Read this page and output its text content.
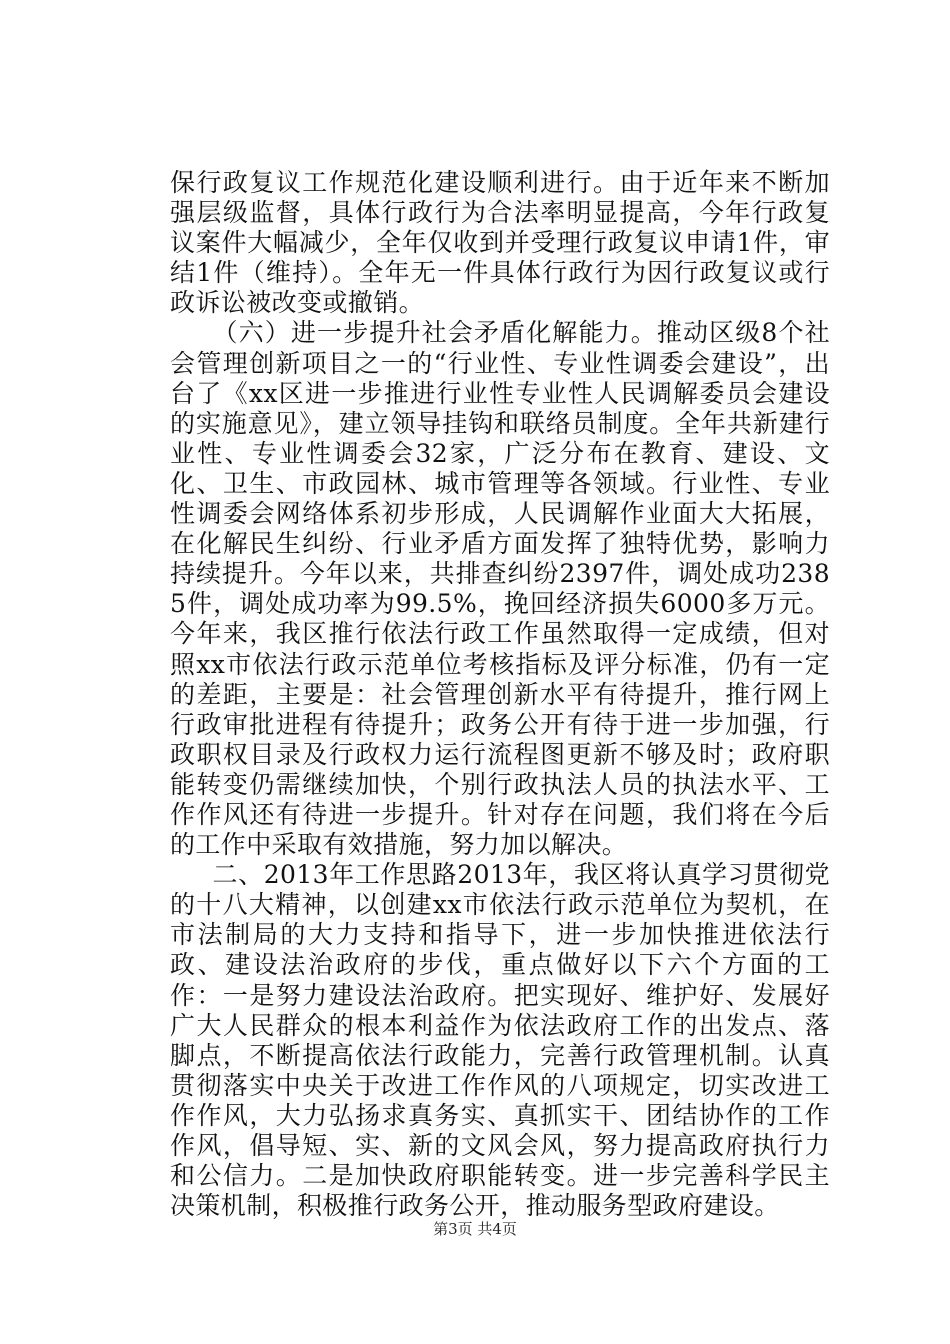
保行政复议工作规范化建设顺利进行。由于近年来不断加强层级监督，具体行政行为合法率明显提高，今年行政复议案件大幅减少，全年仅收到并受理行政复议申请1件，审结1件（维持）。全年无一件具体行政行为因行政复议或行政诉讼被改变或撤销。

（六）进一步提升社会矛盾化解能力。推动区级8个社会管理创新项目之一的“行业性、专业性调委会建设”，出台了《xx区进一步推进行业性专业性人民调解委员会建设的实施意见》，建立领导挂钩和联络员制度。全年共新建行业性、专业性调委会32家，广泛分布在教育、建设、文化、卫生、市政园林、城市管理等各领域。行业性、专业性调委会网络体系初步形成，人民调解作业面大大拓展，在化解民生纠纷、行业矛盾方面发挥了独特优势，影响力持续提升。今年以来，共排查纠纷2397件，调处成功2385件，调处成功率为99.5%，挽回经济损失6000多万元。今年来，我区推行依法行政工作虽然取得一定成绩，但对照xx市依法行政示范单位考核指标及评分标准，仍有一定的差距，主要是：社会管理创新水平有待提升，推行网上行政审批进程有待提升；政务公开有待于进一步加强，行政职权目录及行政权力运行流程图更新不够及时；政府职能转变仍需继续加快，个别行政执法人员的执法水平、工作作风还有待进一步提升。针对存在问题，我们将在今后的工作中采取有效措施，努力加以解决。

二、2013年工作思路2013年，我区将认真学习贯彻党的十八大精神，以创建xx市依法行政示范单位为契机，在市法制局的大力支持和指导下，进一步加快推进依法行政、建设法治政府的步伐，重点做好以下六个方面的工作：一是努力建设法治政府。把实现好、维护好、发展好广大人民群众的根本利益作为依法政府工作的出发点、落脚点，不断提高依法行政能力，完善行政管理机制。认真贯彻落实中央关于改进工作作风的八项规定，切实改进工作作风，大力弘扬求真务实、真抓实干、团结协作的工作作风，倡导短、实、新的文风会风，努力提高政府执行力和公信力。二是加快政府职能转变。进一步完善科学民主决策机制，积极推行政务公开，推动服务型政府建设。

第3页 共4页
